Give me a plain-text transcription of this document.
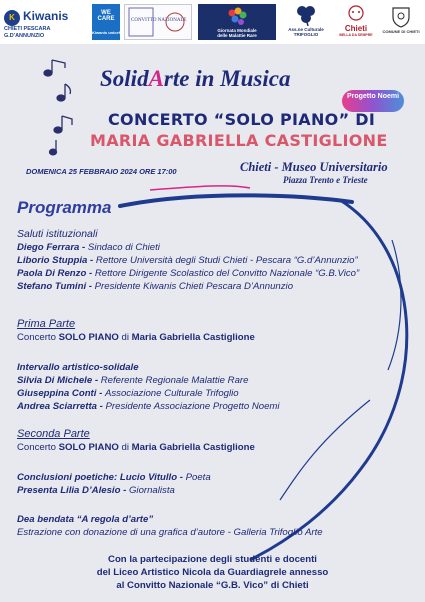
K Kiwanis
CHIETI PESCARA
G.D'ANNUNZIO
WE CARE
Kiwanis unicef
CONVITTO NAZIONALE
Giornata Mondiale
delle Malattie Rare
Ass.ne Culturale
TRIFOGLIO
Chieti
BELLA DA SEMPRE
COMUNE DI CHIETI
SolidArte in Musica
Progetto Noemi
CONCERTO “SOLO PIANO” DI
MARIA GABRIELLA CASTIGLIONE
DOMENICA 25 FEBBRAIO 2024 ORE 17:00	Chieti - Museo Universitario
Piazza Trento e Trieste
Programma
Saluti istituzionali
Diego Ferrara - Sindaco di Chieti
Liborio Stuppia - Rettore Università degli Studi Chieti - Pescara “G.d’Annunzio”
Paola Di Renzo - Rettore Dirigente Scolastico del Convitto Nazionale “G.B.Vico”
Stefano Tumini - Presidente Kiwanis Chieti Pescara D’Annunzio
Prima Parte
Concerto SOLO PIANO di Maria Gabriella Castiglione
Intervallo artistico-solidale
Silvia Di Michele - Referente Regionale Malattie Rare
Giuseppina Conti - Associazione Culturale Trifoglio
Andrea Sciarretta - Presidente Associazione Progetto Noemi
Seconda Parte
Concerto SOLO PIANO di Maria Gabriella Castiglione
Conclusioni poetiche: Lucio Vitullo - Poeta
Presenta Lilia D’Alesio - Giornalista
Dea bendata “A regola d’arte”
Estrazione con donazione di una grafica d’autore - Galleria Trifoglio Arte
Con la partecipazione degli studenti e docenti
del Liceo Artistico Nicola da Guardiagrele annesso
al Convitto Nazionale “G.B. Vico” di Chieti
